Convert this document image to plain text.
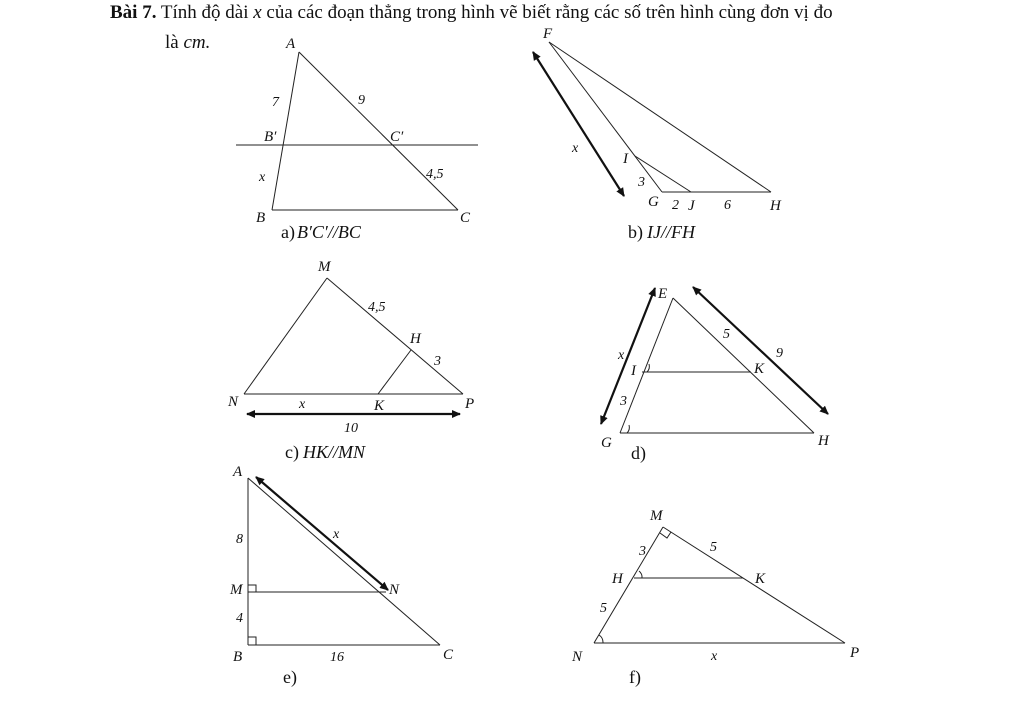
Bài 7. Tính độ dài x của các đoạn thẳng trong hình vẽ biết rằng các số trên hình cùng đơn vị đo
là cm.	A
B′	C′
B	C
7	9
x	4,5
a) B′C′//BC
F
I
G J	H
x
3
2	6
b) IJ//FH
M
H
N	K	P
4,5
3
x
10
c) HK//MN
E
I	K
G	H
5
9
x
3
d)
A
M	N
B	C
8
4
x
16
e)
M
H	K
N	P
3	5
5
x
f)
